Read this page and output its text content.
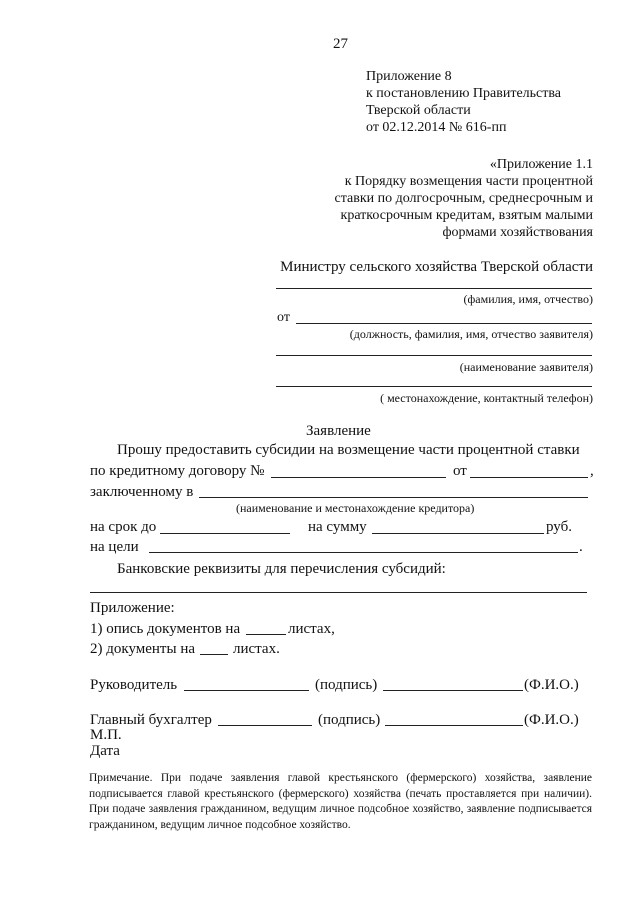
27
Приложение 8
к постановлению Правительства
Тверской области
от 02.12.2014 № 616-пп
«Приложение 1.1
к Порядку возмещения части процентной
ставки по долгосрочным, среднесрочным и
краткосрочным кредитам, взятым малыми
формами хозяйствования
Министру сельского хозяйства Тверской области
(фамилия, имя, отчество)
от
(должность, фамилия, имя, отчество заявителя)
(наименование заявителя)
( местонахождение, контактный телефон)
Заявление
Прошу предоставить субсидии на возмещение части процентной ставки
по кредитному договору №	от	,
заключенному в
(наименование и местонахождение кредитора)
на срок до	на сумму	руб.
на цели	.
Банковские реквизиты для перечисления субсидий:
Приложение:
1) опись документов на	листах,
2) документы на	листах.
Руководитель	(подпись)	(Ф.И.О.)
Главный бухгалтер	(подпись)	(Ф.И.О.)
М.П.
Дата
Примечание. При подаче заявления главой крестьянского (фермерского) хозяйства, заявление подписывается главой крестьянского (фермерского) хозяйства (печать проставляется при наличии). При подаче заявления гражданином, ведущим личное подсобное хозяйство, заявление подписывается гражданином, ведущим личное подсобное хозяйство.
